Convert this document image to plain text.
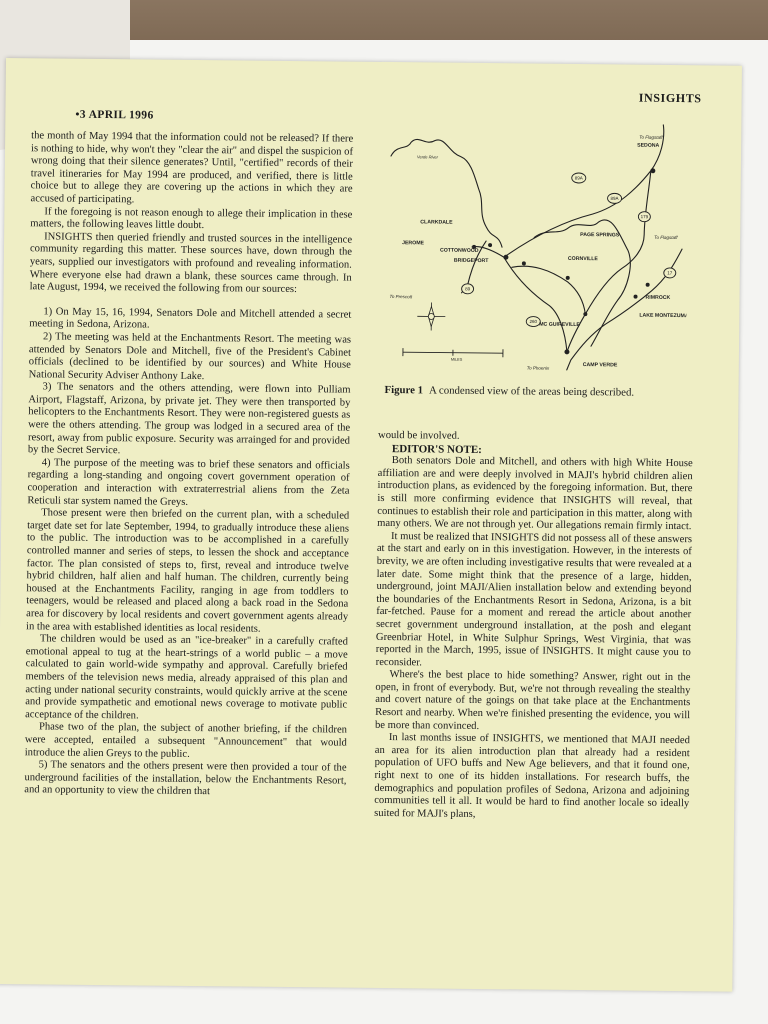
•3 APRIL 1996
INSIGHTS

the month of May 1994 that the information could not be released? If there is nothing to hide, why won't they "clear the air" and dispel the suspicion of wrong doing that their silence generates? Until, "certified" records of their travel itineraries for May 1994 are produced, and verified, there is little choice but to allege they are covering up the actions in which they are accused of participating.

If the foregoing is not reason enough to allege their implication in these matters, the following leaves little doubt.

INSIGHTS then queried friendly and trusted sources in the intelligence community regarding this matter. These sources have, down through the years, supplied our investigators with profound and revealing information. Where everyone else had drawn a blank, these sources came through. In late August, 1994, we received the following from our sources:

1) On May 15, 16, 1994, Senators Dole and Mitchell attended a secret meeting in Sedona, Arizona.

2) The meeting was held at the Enchantments Resort. The meeting was attended by Senators Dole and Mitchell, five of the President's Cabinet officials (declined to be identified by our sources) and White House National Security Adviser Anthony Lake.

3) The senators and the others attending, were flown into Pulliam Airport, Flagstaff, Arizona, by private jet. They were then transported by helicopters to the Enchantments Resort. They were non-registered guests as were the others attending. The group was lodged in a secured area of the resort, away from public exposure. Security was arrainged for and provided by the Secret Service.

4) The purpose of the meeting was to brief these senators and officials regarding a long-standing and ongoing covert government operation of cooperation and interaction with extraterrestrial aliens from the Zeta Reticuli star system named the Greys.

Those present were then briefed on the current plan, with a scheduled target date set for late September, 1994, to gradually introduce these aliens to the public. The introduction was to be accomplished in a carefully controlled manner and series of steps, to lessen the shock and acceptance factor. The plan consisted of steps to, first, reveal and introduce twelve hybrid children, half alien and half human. The children, currently being housed at the Enchantments Facility, ranging in age from toddlers to teenagers, would be released and placed along a back road in the Sedona area for discovery by local residents and covert government agents already in the area with established identities as local residents.

The children would be used as an "ice-breaker" in a carefully crafted emotional appeal to tug at the heart-strings of a world public – a move calculated to gain world-wide sympathy and approval. Carefully briefed members of the television news media, already appraised of this plan and acting under national security constraints, would quickly arrive at the scene and provide sympathetic and emotional news coverage to motivate public acceptance of the children.

Phase two of the plan, the subject of another briefing, if the children were accepted, entailed a subsequent "Announcement" that would introduce the alien Greys to the public.

5) The senators and the others present were then provided a tour of the underground facilities of the installation, below the Enchantments Resort, and an opportunity to view the children that

89A
89A
179
17
260
89
To Flagstaff
SEDONA
CLARKDALE
JEROME
COTTONWOOD
BRIDGEPORT	CORNVILLE
PAGE SPRINGS	To Flagstaff
RIMROCK
LAKE MONTEZUMA
MC GUIREVILLE
CAMP VERDE
To Phoenix
To Prescott
Verde River
MILES
Figure 1 A condensed view of the areas being described.

would be involved.

EDITOR'S NOTE:

Both senators Dole and Mitchell, and others with high White House affiliation are and were deeply involved in MAJI's hybrid children alien introduction plans, as evidenced by the foregoing information. But, there is still more confirming evidence that INSIGHTS will reveal, that continues to establish their role and participation in this matter, along with many others. We are not through yet. Our allegations remain firmly intact.

It must be realized that INSIGHTS did not possess all of these answers at the start and early on in this investigation. However, in the interests of brevity, we are often including investigative results that were revealed at a later date. Some might think that the presence of a large, hidden, underground, joint MAJI/Alien installation below and extending beyond the boundaries of the Enchantments Resort in Sedona, Arizona, is a bit far-fetched. Pause for a moment and reread the article about another secret government underground installation, at the posh and elegant Greenbriar Hotel, in White Sulphur Springs, West Virginia, that was reported in the March, 1995, issue of INSIGHTS. It might cause you to reconsider.

Where's the best place to hide something? Answer, right out in the open, in front of everybody. But, we're not through revealing the stealthy and covert nature of the goings on that take place at the Enchantments Resort and nearby. When we're finished presenting the evidence, you will be more than convinced.

In last months issue of INSIGHTS, we mentioned that MAJI needed an area for its alien introduction plan that already had a resident population of UFO buffs and New Age believers, and that it found one, right next to one of its hidden installations. For research buffs, the demographics and population profiles of Sedona, Arizona and adjoining communities tell it all. It would be hard to find another locale so ideally suited for MAJI's plans,
